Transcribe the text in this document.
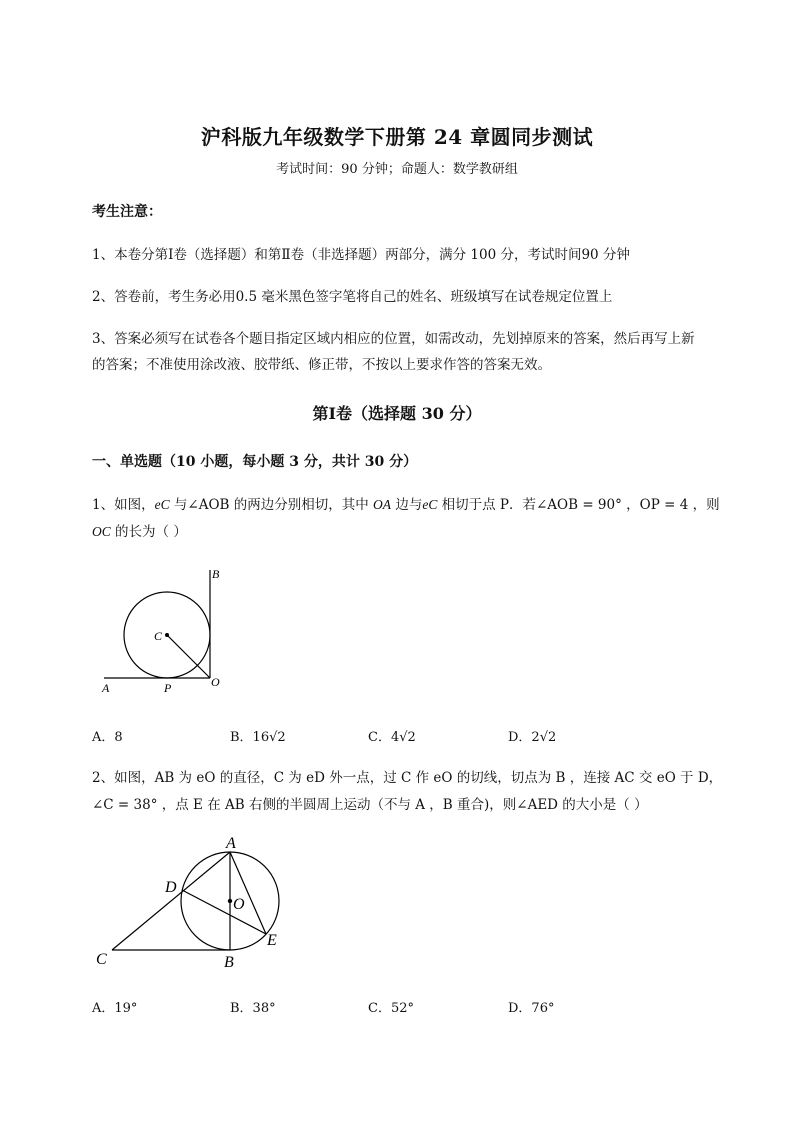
沪科版九年级数学下册第 24 章圆同步测试
考试时间：90 分钟；命题人：数学教研组
考生注意：
1、本卷分第Ⅰ卷（选择题）和第Ⅱ卷（非选择题）两部分，满分 100 分，考试时间90 分钟
2、答卷前，考生务必用0.5 毫米黑色签字笔将自己的姓名、班级填写在试卷规定位置上
3、答案必须写在试卷各个题目指定区域内相应的位置，如需改动，先划掉原来的答案，然后再写上新
的答案；不准使用涂改液、胶带纸、修正带，不按以上要求作答的答案无效。
第Ⅰ卷（选择题 30 分）
一、单选题（10 小题，每小题 3 分，共计 30 分）
1、如图，eC 与∠AOB 的两边分别相切，其中 OA 边与eC 相切于点 P．若∠AOB = 90° ，OP = 4 ，则
OC 的长为（ ）
B
C
A	P	O
A．8	B．16√2	C．4√2	D．2√2
2、如图，AB 为 eO 的直径，C 为 eD 外一点，过 C 作 eO 的切线，切点为 B ，连接 AC 交 eO 于 D，
∠C = 38° ，点 E 在 AB 右侧的半圆周上运动（不与 A ，B 重合)，则∠AED 的大小是（ ）
A
D
O
E
C	B
A．19°	B．38°	C．52°	D．76°
